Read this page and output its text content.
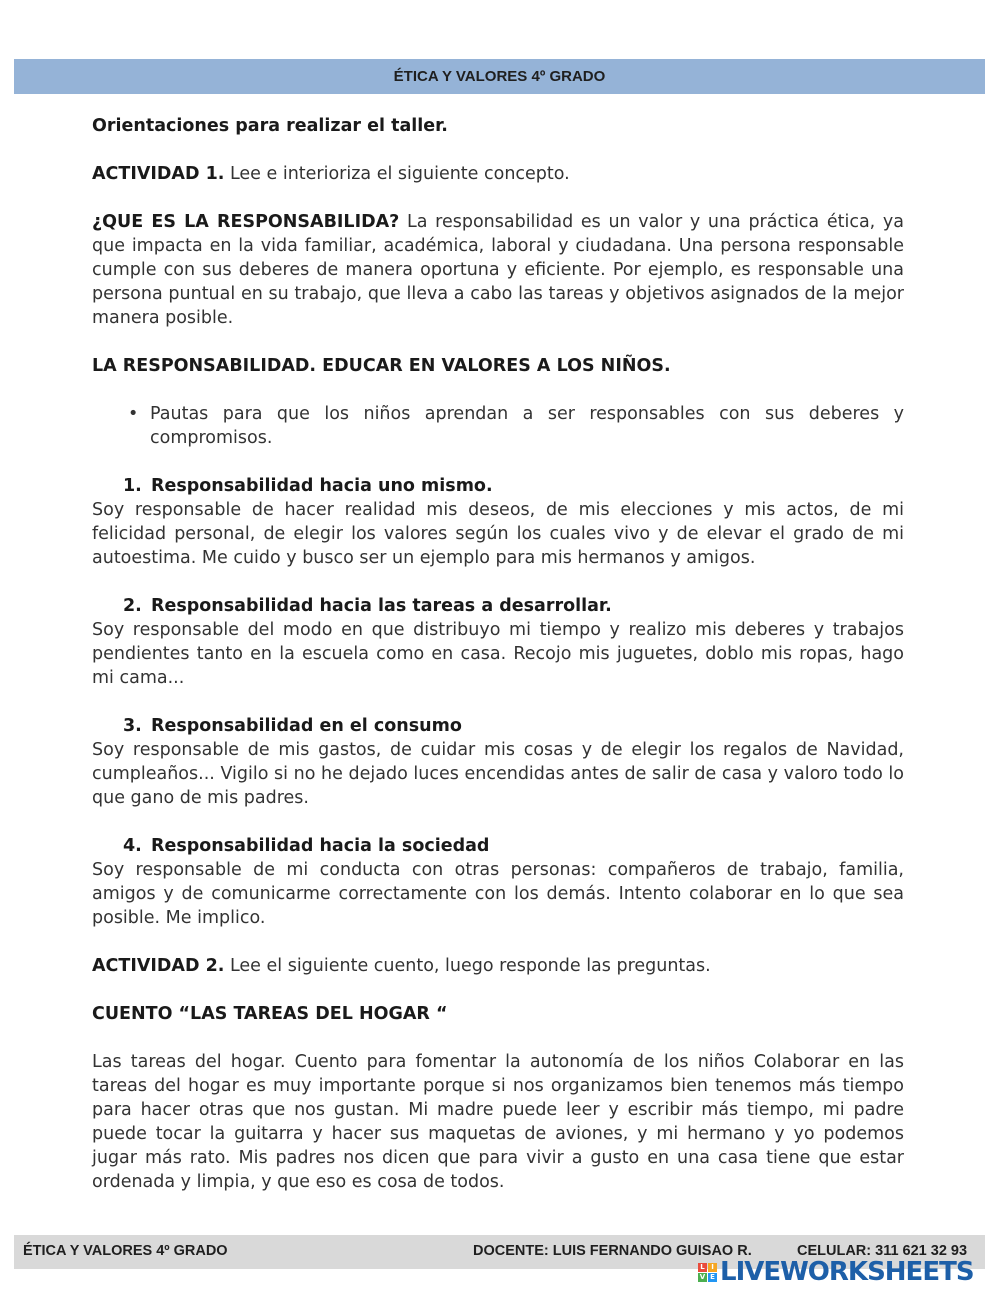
ÉTICA Y VALORES 4º GRADO

Orientaciones para realizar el taller.

ACTIVIDAD 1. Lee e interioriza el siguiente concepto.

¿QUE ES LA RESPONSABILIDA? La responsabilidad es un valor y una práctica ética, ya que impacta en la vida familiar, académica, laboral y ciudadana. Una persona responsable cumple con sus deberes de manera oportuna y eficiente. Por ejemplo, es responsable una persona puntual en su trabajo, que lleva a cabo las tareas y objetivos asignados de la mejor manera posible.

LA RESPONSABILIDAD. EDUCAR EN VALORES A LOS NIÑOS.

• Pautas para que los niños aprendan a ser responsables con sus deberes y compromisos.
1. Responsabilidad hacia uno mismo.

Soy responsable de hacer realidad mis deseos, de mis elecciones y mis actos, de mi felicidad personal, de elegir los valores según los cuales vivo y de elevar el grado de mi autoestima. Me cuido y busco ser un ejemplo para mis hermanos y amigos.

2. Responsabilidad hacia las tareas a desarrollar.

Soy responsable del modo en que distribuyo mi tiempo y realizo mis deberes y trabajos pendientes tanto en la escuela como en casa. Recojo mis juguetes, doblo mis ropas, hago mi cama...

3. Responsabilidad en el consumo

Soy responsable de mis gastos, de cuidar mis cosas y de elegir los regalos de Navidad, cumpleaños... Vigilo si no he dejado luces encendidas antes de salir de casa y valoro todo lo que gano de mis padres.

4. Responsabilidad hacia la sociedad

Soy responsable de mi conducta con otras personas: compañeros de trabajo, familia, amigos y de comunicarme correctamente con los demás. Intento colaborar en lo que sea posible. Me implico.

ACTIVIDAD 2. Lee el siguiente cuento, luego responde las preguntas.

CUENTO “LAS TAREAS DEL HOGAR “

Las tareas del hogar. Cuento para fomentar la autonomía de los niños Colaborar en las tareas del hogar es muy importante porque si nos organizamos bien tenemos más tiempo para hacer otras que nos gustan. Mi madre puede leer y escribir más tiempo, mi padre puede tocar la guitarra y hacer sus maquetas de aviones, y mi hermano y yo podemos jugar más rato. Mis padres nos dicen que para vivir a gusto en una casa tiene que estar ordenada y limpia, y que eso es cosa de todos.

ÉTICA Y VALORES 4º GRADO	DOCENTE: LUIS FERNANDO GUISAO R.	CELULAR: 311 621 32 93
L I
V E LIVEWORKSHEETS
